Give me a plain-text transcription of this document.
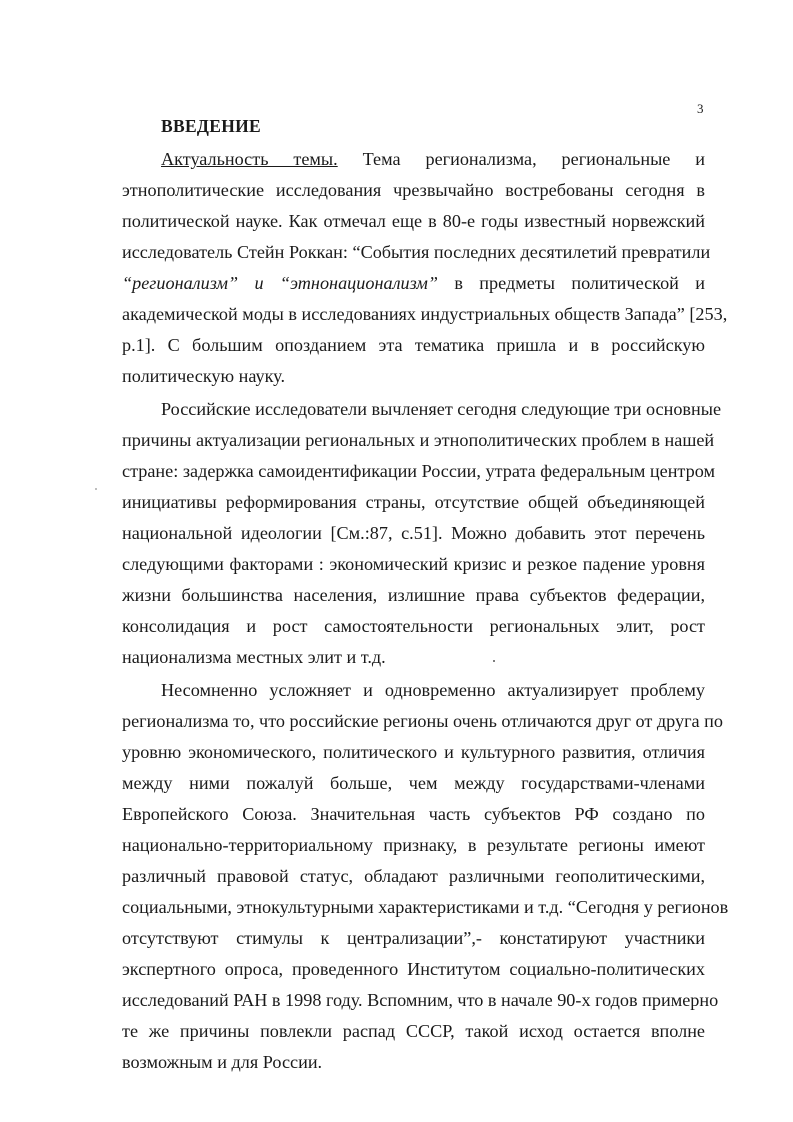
3
ВВЕДЕНИЕ
Актуальность темы. Тема регионализма, региональные и
этнополитические исследования чрезвычайно востребованы сегодня в
политической науке. Как отмечал еще в 80-е годы известный норвежский
исследователь Стейн Роккан: “События последних десятилетий превратили
“регионализм” и “этнонационализм” в предметы политической и
академической моды в исследованиях индустриальных обществ Запада” [253,
p.1]. С большим опозданием эта тематика пришла и в российскую
политическую науку.
Российские исследователи вычленяет сегодня следующие три основные
причины актуализации региональных и этнополитических проблем в нашей
стране: задержка самоидентификации России, утрата федеральным центром
инициативы реформирования страны, отсутствие общей объединяющей
национальной идеологии [См.:87, с.51]. Можно добавить этот перечень
следующими факторами : экономический кризис и резкое падение уровня
жизни большинства населения, излишние права субъектов федерации,
консолидация и рост самостоятельности региональных элит, рост
национализма местных элит и т.д.
Несомненно усложняет и одновременно актуализирует проблему
регионализма то, что российские регионы очень отличаются друг от друга по
уровню экономического, политического и культурного развития, отличия
между ними пожалуй больше, чем между государствами-членами
Европейского Союза. Значительная часть субъектов РФ создано по
национально-территориальному признаку, в результате регионы имеют
различный правовой статус, обладают различными геополитическими,
социальными, этнокультурными характеристиками и т.д. “Сегодня у регионов
отсутствуют стимулы к централизации”,- констатируют участники
экспертного опроса, проведенного Институтом социально-политических
исследований РАН в 1998 году. Вспомним, что в начале 90-х годов примерно
те же причины повлекли распад СССР, такой исход остается вполне
возможным и для России.
